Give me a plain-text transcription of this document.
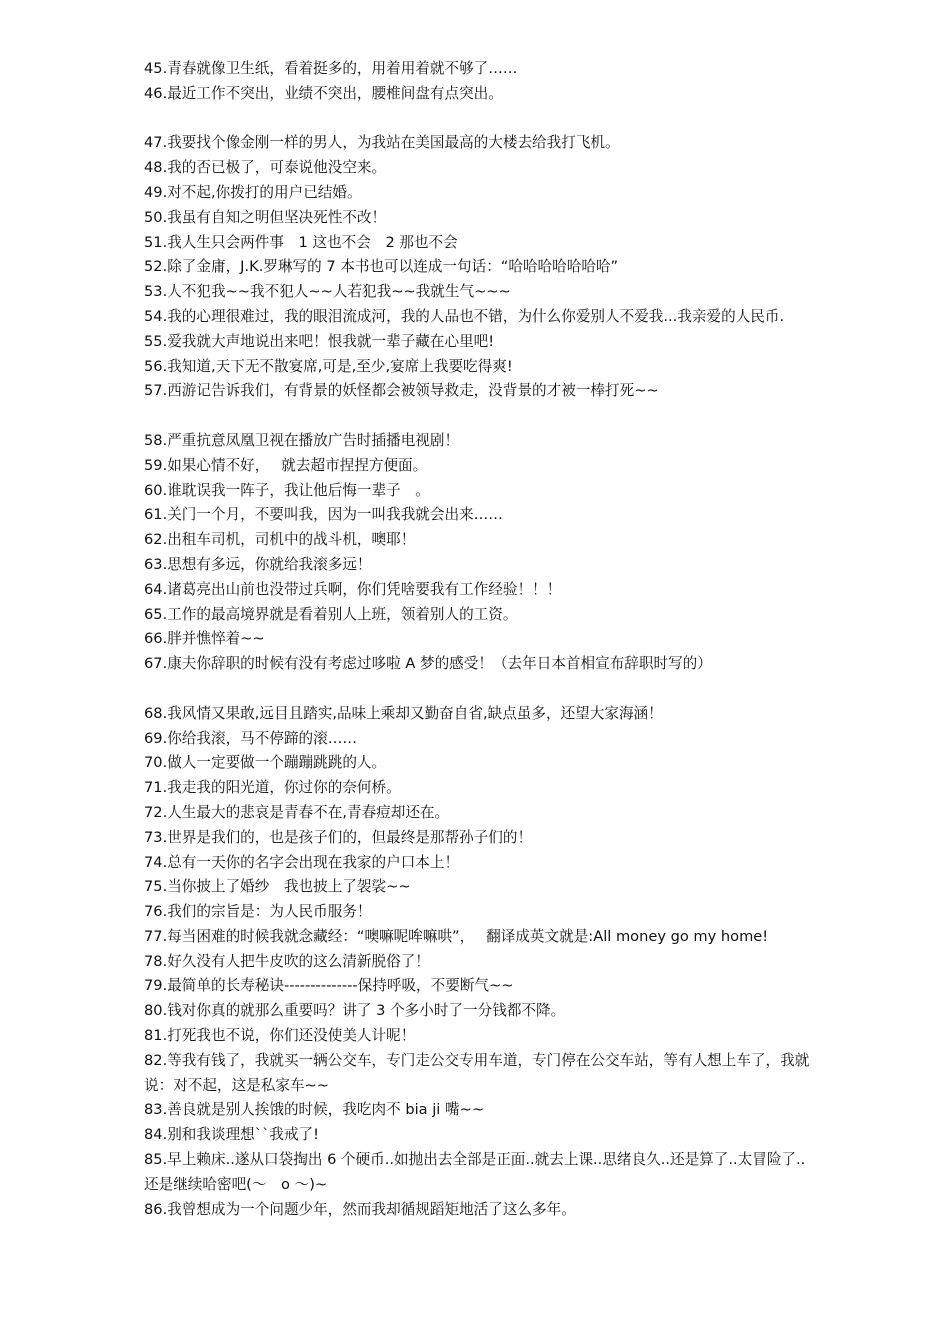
45.青春就像卫生纸，看着挺多的，用着用着就不够了……
46.最近工作不突出，业绩不突出，腰椎间盘有点突出。
47.我要找个像金刚一样的男人，为我站在美国最高的大楼去给我打飞机。
48.我的否已极了，可泰说他没空来。
49.对不起,你拨打的用户已结婚。
50.我虽有自知之明但坚决死性不改！
51.我人生只会两件事　1 这也不会　2 那也不会
52.除了金庸，J.K.罗琳写的 7 本书也可以连成一句话：“哈哈哈哈哈哈哈”
53.人不犯我~~我不犯人~~人若犯我~~我就生气~~~
54.我的心理很难过，我的眼泪流成河，我的人品也不错，为什么你爱别人不爱我...我亲爱的人民币.
55.爱我就大声地说出来吧！恨我就一辈子藏在心里吧!
56.我知道,天下无不散宴席,可是,至少,宴席上我要吃得爽!
57.西游记告诉我们，有背景的妖怪都会被领导救走，没背景的才被一棒打死~~
58.严重抗意凤凰卫视在播放广告时插播电视剧！
59.如果心情不好，　 就去超市捏捏方便面。
60.谁耽误我一阵子，我让他后悔一辈子　。
61.关门一个月，不要叫我，因为一叫我我就会出来……
62.出租车司机，司机中的战斗机，噢耶！
63.思想有多远，你就给我滚多远！
64.诸葛亮出山前也没带过兵啊，你们凭啥要我有工作经验！！！
65.工作的最高境界就是看着别人上班，领着别人的工资。
66.胖并憔悴着~~
67.康夫你辞职的时候有没有考虑过哆啦 A 梦的感受！（去年日本首相宣布辞职时写的）
68.我风情又果敢,远目且踏实,品味上乘却又勤奋自省,缺点虽多，还望大家海涵！
69.你给我滚，马不停蹄的滚……
70.做人一定要做一个蹦蹦跳跳的人。
71.我走我的阳光道，你过你的奈何桥。
72.人生最大的悲哀是青春不在,青春痘却还在。
73.世界是我们的，也是孩子们的，但最终是那帮孙子们的！
74.总有一天你的名字会出现在我家的户口本上！
75.当你披上了婚纱　我也披上了袈裟~~
76.我们的宗旨是：为人民币服务！
77.每当困难的时候我就念藏经：“噢嘛呢哞嘛哄”，　 翻译成英文就是:All money go my home!
78.好久没有人把牛皮吹的这么清新脱俗了！
79.最简单的长寿秘诀--------------保持呼吸，不要断气~~
80.钱对你真的就那么重要吗？讲了 3 个多小时了一分钱都不降。
81.打死我也不说，你们还没使美人计呢！
82.等我有钱了，我就买一辆公交车，专门走公交专用车道，专门停在公交车站，等有人想上车了，我就说：对不起，这是私家车~~
83.善良就是别人挨饿的时候，我吃肉不 bia ji 嘴~~
84.别和我谈理想``我戒了!
85.早上赖床..遂从口袋掏出 6 个硬币..如抛出去全部是正面..就去上课..思绪良久..还是算了..太冒险了..还是继续哈密吧(～　o ～)~
86.我曾想成为一个问题少年，然而我却循规蹈矩地活了这么多年。
